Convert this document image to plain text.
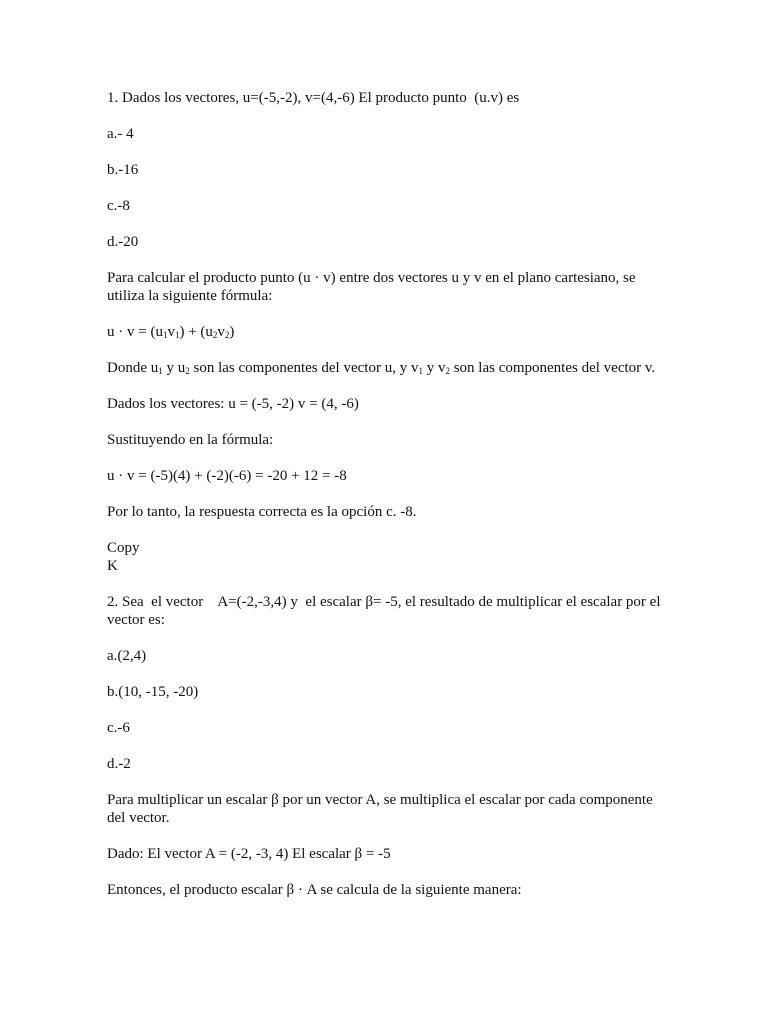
1. Dados los vectores, u=(-5,-2), v=(4,-6) El producto punto  (u.v) es

a.- 4

b.-16

c.-8

d.-20

Para calcular el producto punto (u · v) entre dos vectores u y v en el plano cartesiano, se utiliza la siguiente fórmula:

$u \cdot v = (u_1v_1) + (u_2v_2)$

Donde $u_1$ y $u_2$ son las componentes del vector u, y $v_1$ y $v_2$ son las componentes del vector v.

Dados los vectores: u = (-5, -2) v = (4, -6)

Sustituyendo en la fórmula:

u · v = (-5)(4) + (-2)(-6) = -20 + 12 = -8

Por lo tanto, la respuesta correcta es la opción c. -8.

Copy
K

2. Sea  el vector    A=(-2,-3,4) y  el escalar β= -5, el resultado de multiplicar el escalar por el vector es:

a.(2,4)

b.(10, -15, -20)

c.-6

d.-2

Para multiplicar un escalar β por un vector A, se multiplica el escalar por cada componente del vector.

Dado: El vector A = (-2, -3, 4) El escalar β = -5

Entonces, el producto escalar β · A se calcula de la siguiente manera:
